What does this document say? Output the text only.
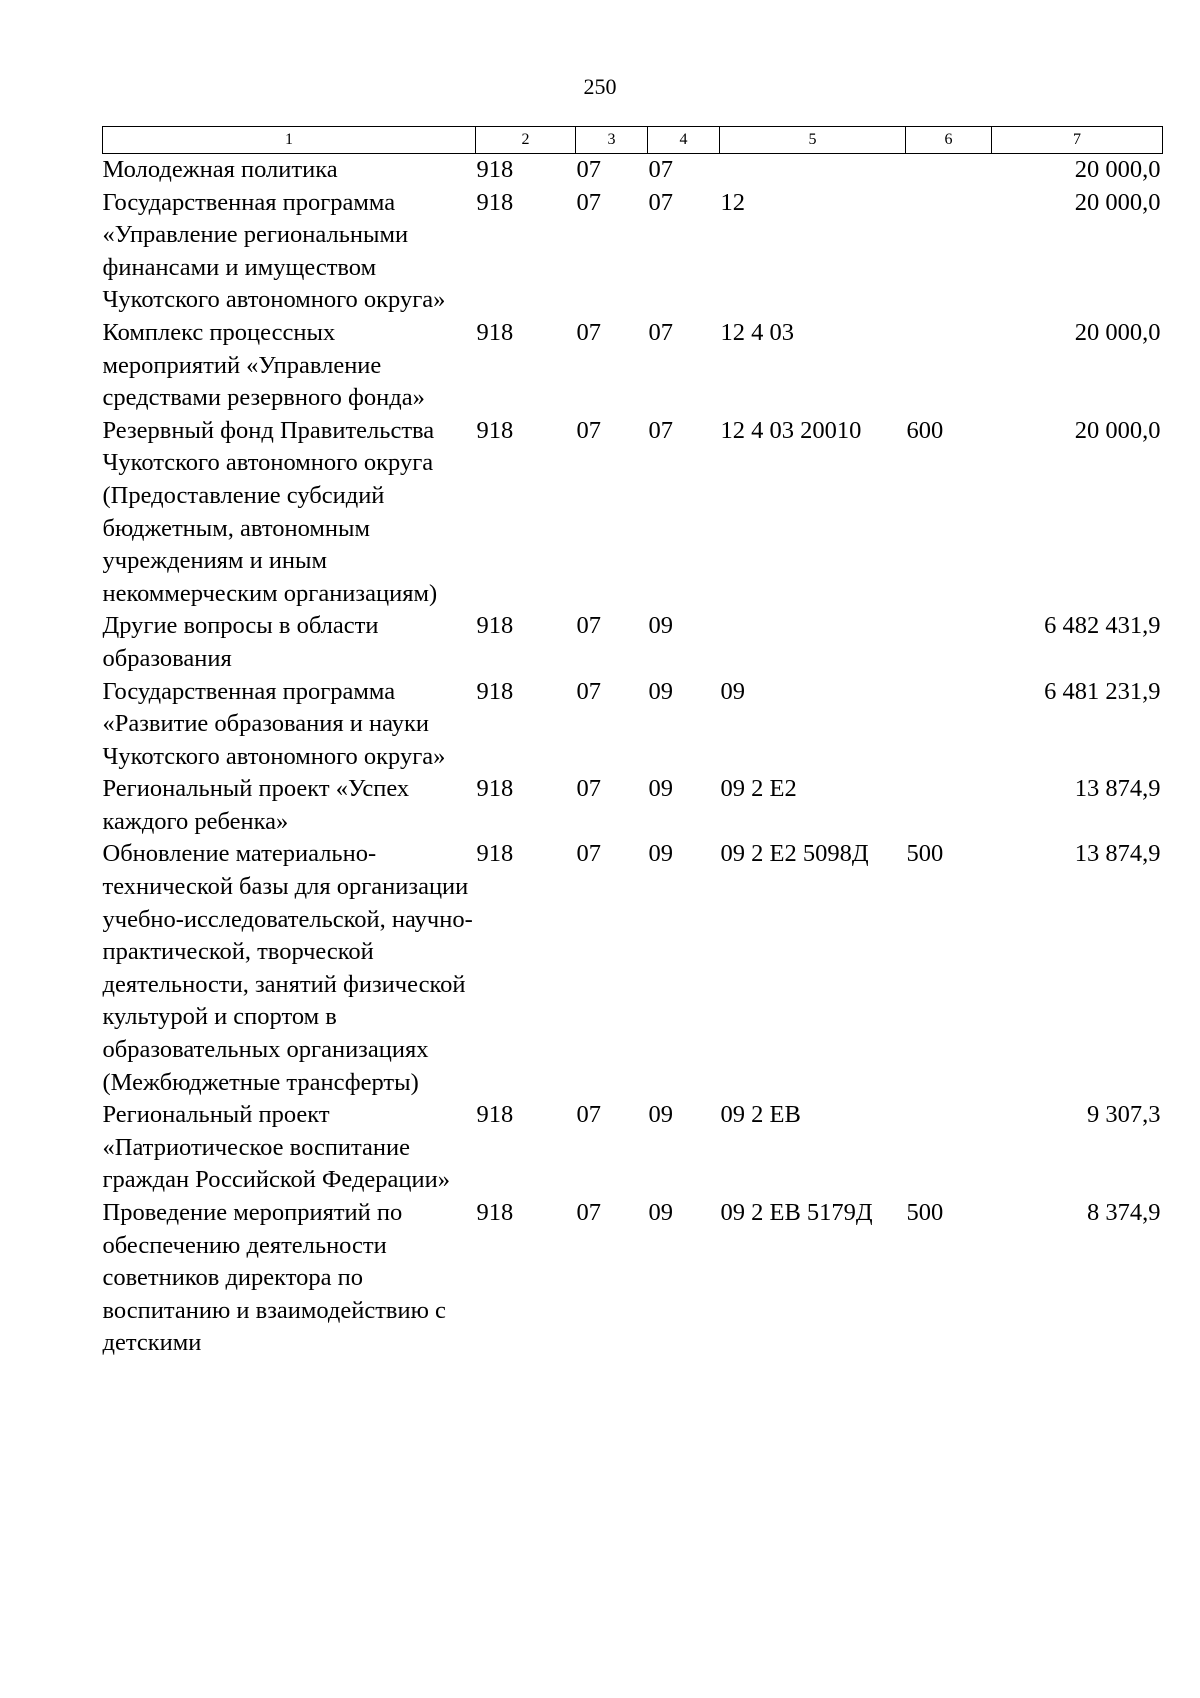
250
1	2	3	4	5	6	7
Молодежная политика	918	07	07			20 000,0
Государственная программа «Управление региональными финансами и имуществом Чукотского автономного округа»	918	07	07	12		20 000,0
Комплекс процессных мероприятий «Управление средствами резервного фонда»	918	07	07	12 4 03		20 000,0
Резервный фонд Правительства Чукотского автономного округа (Предоставление субсидий бюджетным, автономным учреждениям и иным некоммерческим организациям)	918	07	07	12 4 03 20010	600	20 000,0
Другие вопросы в области образования	918	07	09			6 482 431,9
Государственная программа «Развитие образования и науки Чукотского автономного округа»	918	07	09	09		6 481 231,9
Региональный проект «Успех каждого ребенка»	918	07	09	09 2 Е2		13 874,9
Обновление материально-технической базы для организации учебно-исследовательской, научно-практической, творческой деятельности, занятий физической культурой и спортом в образовательных организациях (Межбюджетные трансферты)	918	07	09	09 2 Е2 5098Д	500	13 874,9
Региональный проект «Патриотическое воспитание граждан Российской Федерации»	918	07	09	09 2 ЕВ		9 307,3
Проведение мероприятий по обеспечению деятельности советников директора по воспитанию и взаимодействию с детскими	918	07	09	09 2 ЕВ 5179Д	500	8 374,9
